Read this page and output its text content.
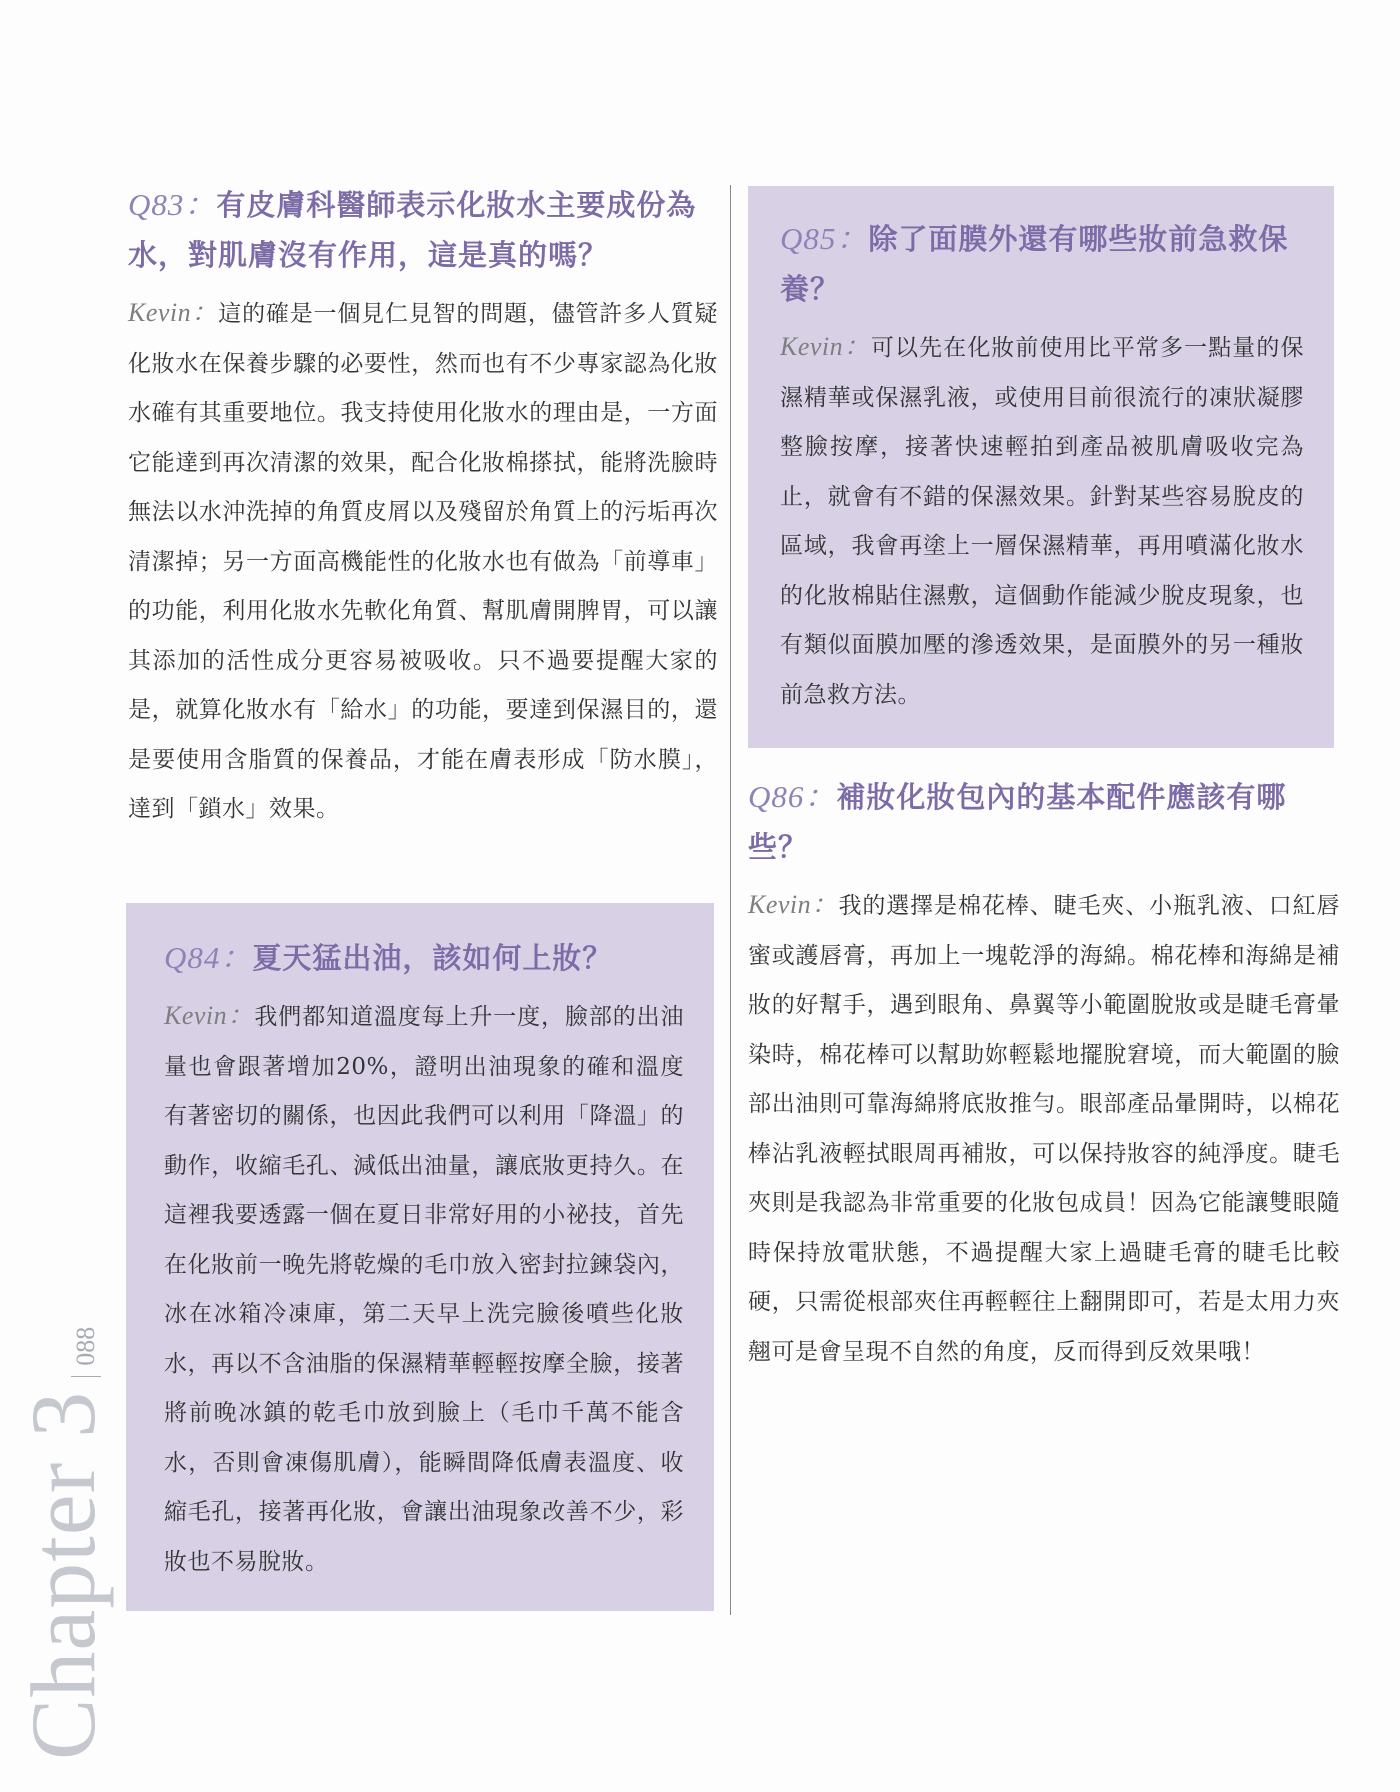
Q83：有皮膚科醫師表示化妝水主要成份為水，對肌膚沒有作用，這是真的嗎？

Kevin：這的確是一個見仁見智的問題，儘管許多人質疑化妝水在保養步驟的必要性，然而也有不少專家認為化妝水確有其重要地位。我支持使用化妝水的理由是，一方面它能達到再次清潔的效果，配合化妝棉搽拭，能將洗臉時無法以水沖洗掉的角質皮屑以及殘留於角質上的污垢再次清潔掉；另一方面高機能性的化妝水也有做為「前導車」的功能，利用化妝水先軟化角質、幫肌膚開脾胃，可以讓其添加的活性成分更容易被吸收。只不過要提醒大家的是，就算化妝水有「給水」的功能，要達到保濕目的，還是要使用含脂質的保養品，才能在膚表形成「防水膜」，達到「鎖水」效果。

Q84：夏天猛出油，該如何上妝？

Kevin：我們都知道溫度每上升一度，臉部的出油量也會跟著增加20%，證明出油現象的確和溫度有著密切的關係，也因此我們可以利用「降溫」的動作，收縮毛孔、減低出油量，讓底妝更持久。在這裡我要透露一個在夏日非常好用的小祕技，首先在化妝前一晚先將乾燥的毛巾放入密封拉鍊袋內，冰在冰箱冷凍庫，第二天早上洗完臉後噴些化妝水，再以不含油脂的保濕精華輕輕按摩全臉，接著將前晚冰鎮的乾毛巾放到臉上（毛巾千萬不能含水，否則會凍傷肌膚），能瞬間降低膚表溫度、收縮毛孔，接著再化妝，會讓出油現象改善不少，彩妝也不易脫妝。

Q85：除了面膜外還有哪些妝前急救保養？

Kevin：可以先在化妝前使用比平常多一點量的保濕精華或保濕乳液，或使用目前很流行的凍狀凝膠整臉按摩，接著快速輕拍到產品被肌膚吸收完為止，就會有不錯的保濕效果。針對某些容易脫皮的區域，我會再塗上一層保濕精華，再用噴滿化妝水的化妝棉貼住濕敷，這個動作能減少脫皮現象，也有類似面膜加壓的滲透效果，是面膜外的另一種妝前急救方法。

Q86：補妝化妝包內的基本配件應該有哪些？

Kevin：我的選擇是棉花棒、睫毛夾、小瓶乳液、口紅唇蜜或護唇膏，再加上一塊乾淨的海綿。棉花棒和海綿是補妝的好幫手，遇到眼角、鼻翼等小範圍脫妝或是睫毛膏暈染時，棉花棒可以幫助妳輕鬆地擺脫窘境，而大範圍的臉部出油則可靠海綿將底妝推勻。眼部產品暈開時，以棉花棒沾乳液輕拭眼周再補妝，可以保持妝容的純淨度。睫毛夾則是我認為非常重要的化妝包成員！因為它能讓雙眼隨時保持放電狀態，不過提醒大家上過睫毛膏的睫毛比較硬，只需從根部夾住再輕輕往上翻開即可，若是太用力夾翹可是會呈現不自然的角度，反而得到反效果哦！

Chapter 3
088
